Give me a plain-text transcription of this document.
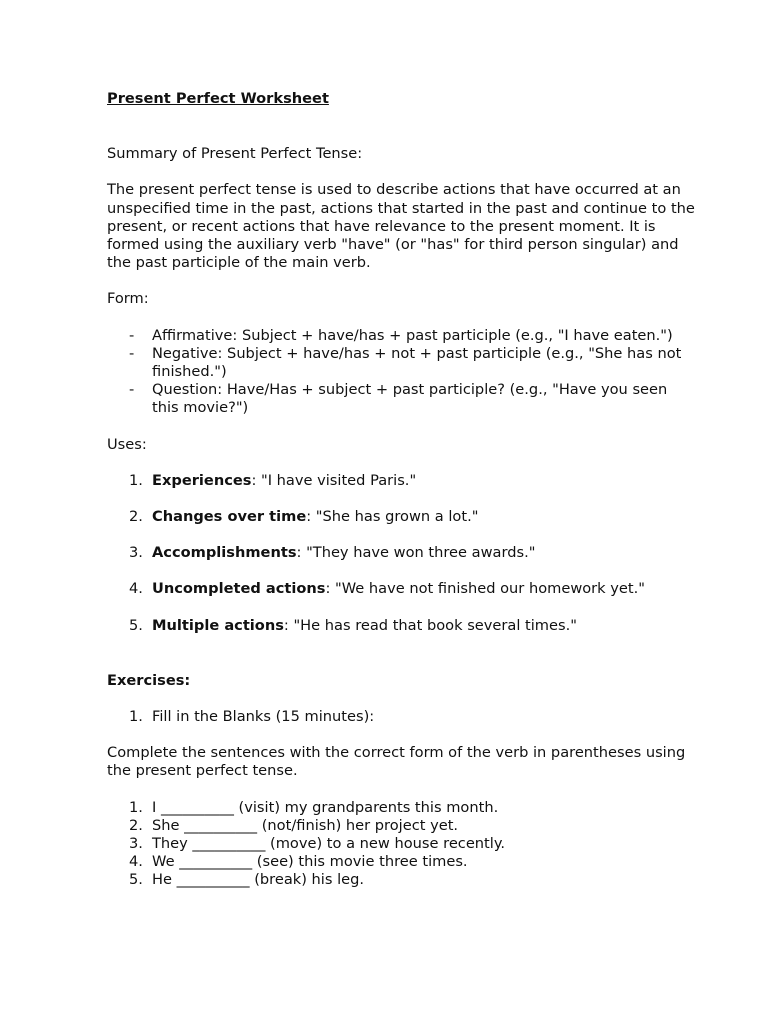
Present Perfect Worksheet
Summary of Present Perfect Tense:
The present perfect tense is used to describe actions that have occurred at an unspecified time in the past, actions that started in the past and continue to the present, or recent actions that have relevance to the present moment. It is formed using the auxiliary verb "have" (or "has" for third person singular) and the past participle of the main verb.
Form:
- Affirmative: Subject + have/has + past participle (e.g., "I have eaten.")
- Negative: Subject + have/has + not + past participle (e.g., "She has not finished.")
- Question: Have/Has + subject + past participle? (e.g., "Have you seen this movie?")
Uses:
1. Experiences: "I have visited Paris."
2. Changes over time: "She has grown a lot."
3. Accomplishments: "They have won three awards."
4. Uncompleted actions: "We have not finished our homework yet."
5. Multiple actions: "He has read that book several times."
Exercises:
1. Fill in the Blanks (15 minutes):
Complete the sentences with the correct form of the verb in parentheses using the present perfect tense.
1. I __________ (visit) my grandparents this month.
2. She __________ (not/finish) her project yet.
3. They __________ (move) to a new house recently.
4. We __________ (see) this movie three times.
5. He __________ (break) his leg.
